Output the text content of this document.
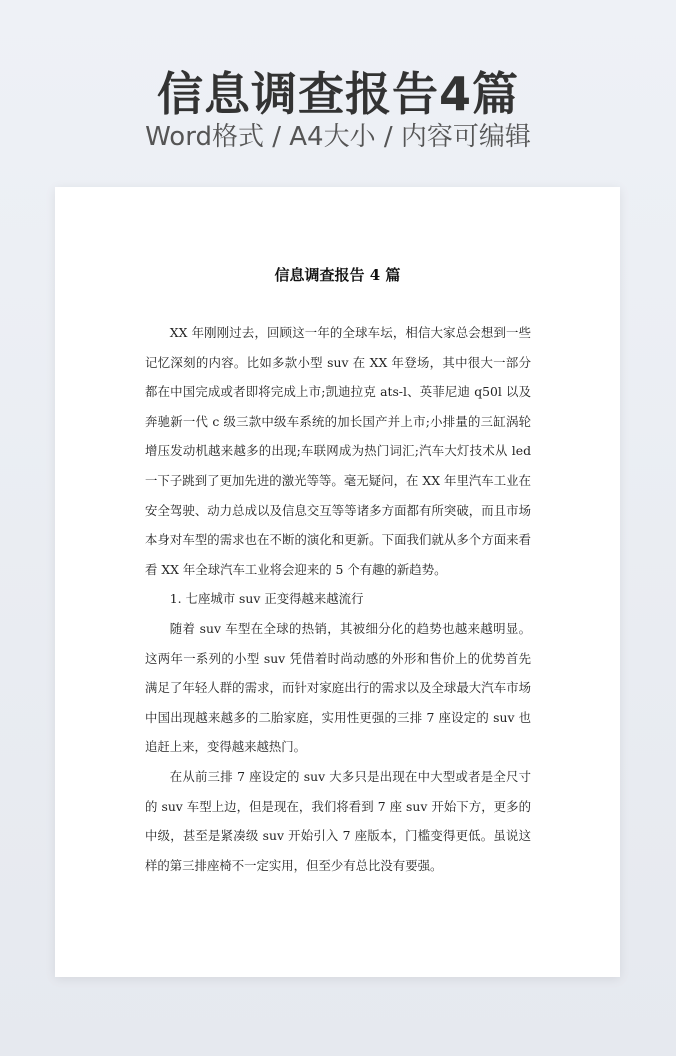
信息调查报告4篇
Word格式 / A4大小 / 内容可编辑
信息调查报告 4 篇

XX 年刚刚过去，回顾这一年的全球车坛，相信大家总会想到一些记忆深刻的内容。比如多款小型 suv 在 XX 年登场，其中很大一部分都在中国完成或者即将完成上市;凯迪拉克 ats-l、英菲尼迪 q50l 以及奔驰新一代 c 级三款中级车系统的加长国产并上市;小排量的三缸涡轮增压发动机越来越多的出现;车联网成为热门词汇;汽车大灯技术从 led 一下子跳到了更加先进的激光等等。毫无疑问，在 XX 年里汽车工业在安全驾驶、动力总成以及信息交互等等诸多方面都有所突破，而且市场本身对车型的需求也在不断的演化和更新。下面我们就从多个方面来看看 XX 年全球汽车工业将会迎来的 5 个有趣的新趋势。

1. 七座城市 suv 正变得越来越流行

随着 suv 车型在全球的热销，其被细分化的趋势也越来越明显。这两年一系列的小型 suv 凭借着时尚动感的外形和售价上的优势首先满足了年轻人群的需求，而针对家庭出行的需求以及全球最大汽车市场中国出现越来越多的二胎家庭，实用性更强的三排 7 座设定的 suv 也追赶上来，变得越来越热门。

在从前三排 7 座设定的 suv 大多只是出现在中大型或者是全尺寸的 suv 车型上边，但是现在，我们将看到 7 座 suv 开始下方，更多的中级，甚至是紧凑级 suv 开始引入 7 座版本，门槛变得更低。虽说这样的第三排座椅不一定实用，但至少有总比没有要强。
